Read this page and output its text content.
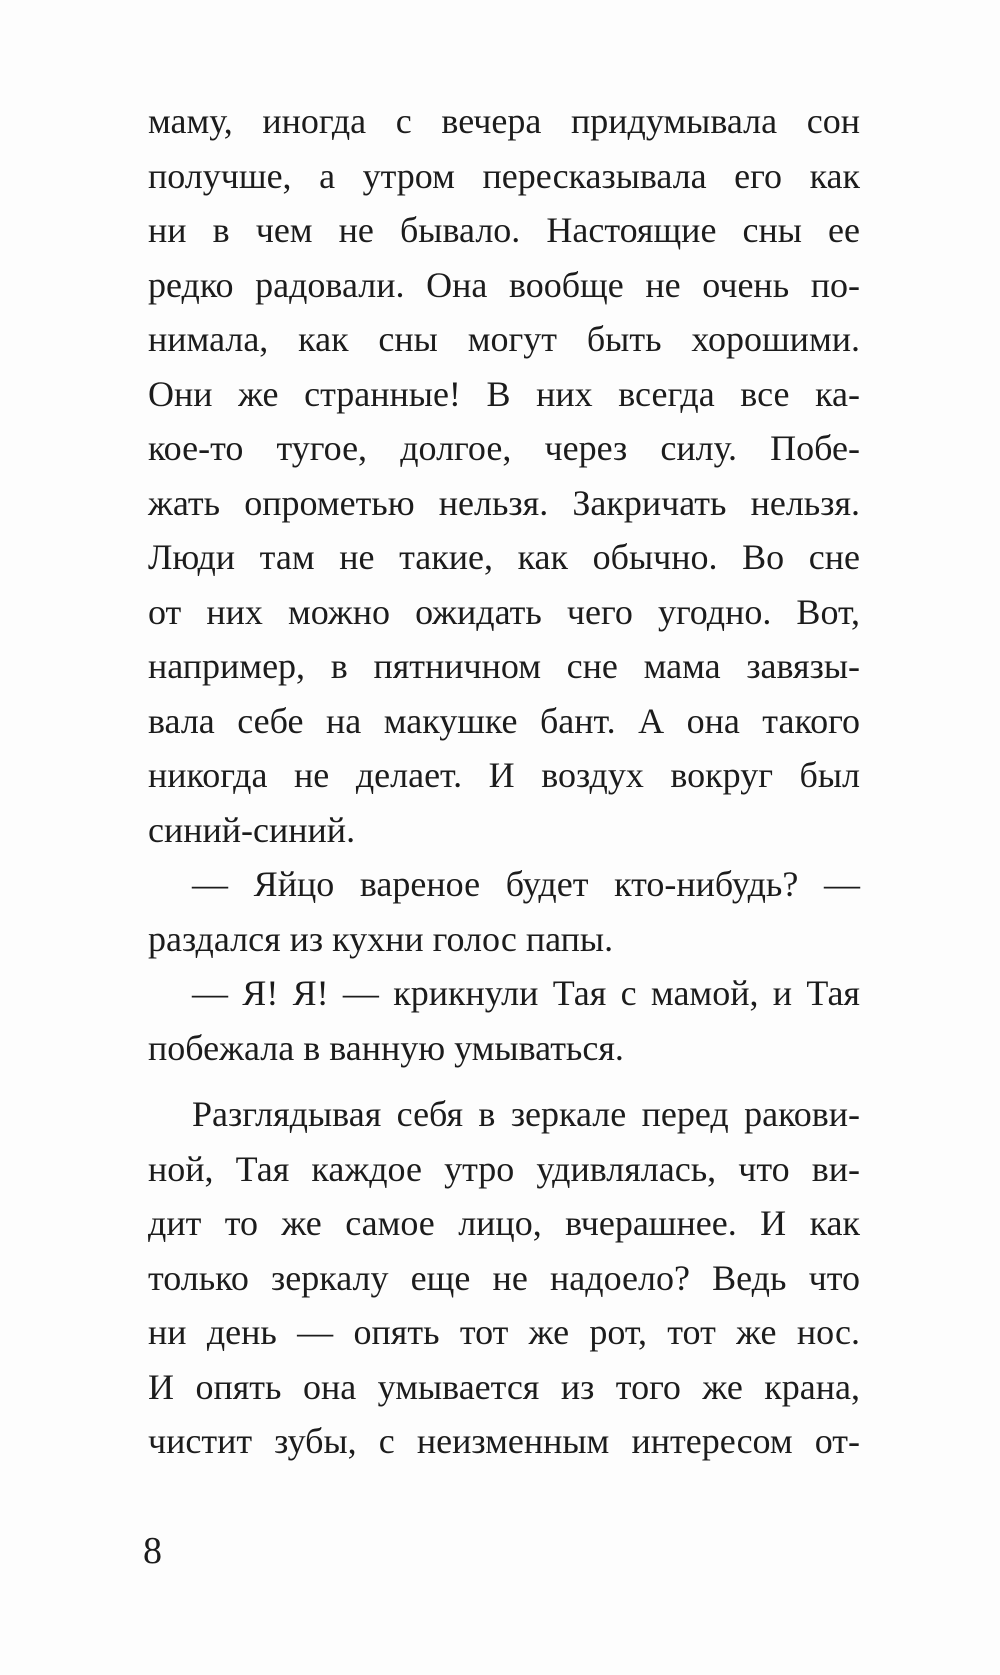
маму, иногда с вечера придумывала сон
получше, а утром пересказывала его как
ни в чем не бывало. Настоящие сны ее
редко радовали. Она вообще не очень по-
нимала, как сны могут быть хорошими.
Они же странные! В них всегда все ка-
кое-то тугое, долгое, через силу. Побе-
жать опрометью нельзя. Закричать нельзя.
Люди там не такие, как обычно. Во сне
от них можно ожидать чего угодно. Вот,
например, в пятничном сне мама завязы-
вала себе на макушке бант. А она такого
никогда не делает. И воздух вокруг был
синий-синий.
— Яйцо вареное будет кто-нибудь? —
раздался из кухни голос папы.
— Я! Я! — крикнули Тая с мамой, и Тая
побежала в ванную умываться.
Разглядывая себя в зеркале перед ракови-
ной, Тая каждое утро удивлялась, что ви-
дит то же самое лицо, вчерашнее. И как
только зеркалу еще не надоело? Ведь что
ни день — опять тот же рот, тот же нос.
И опять она умывается из того же крана,
чистит зубы, с неизменным интересом от-
8
